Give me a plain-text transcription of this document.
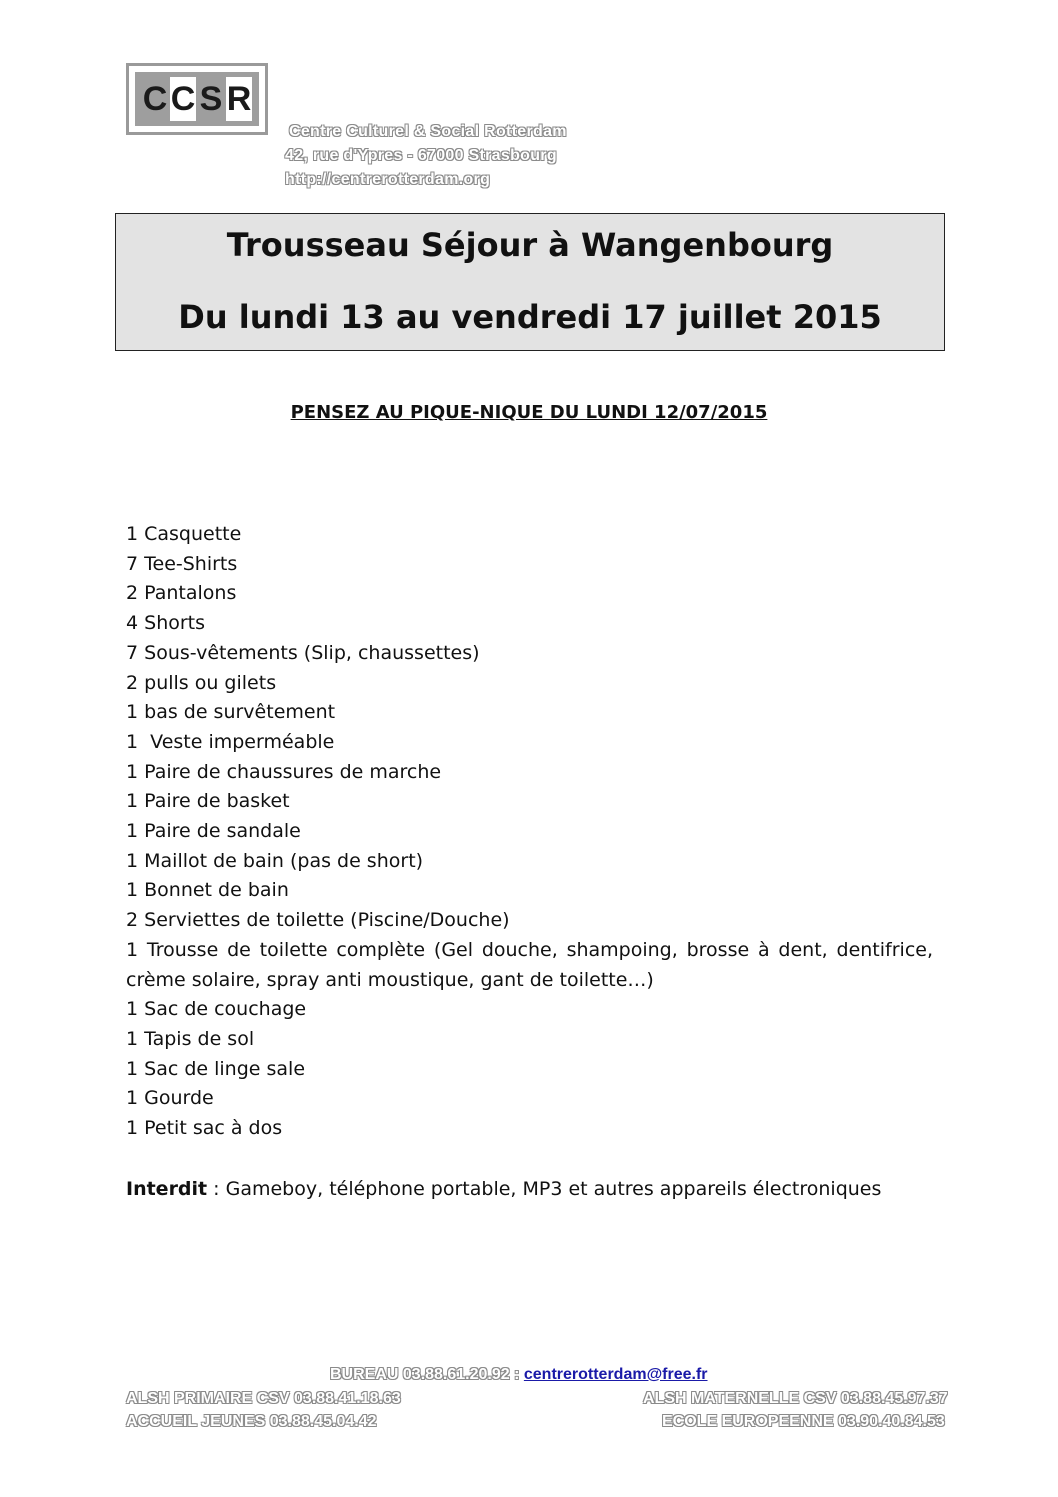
C C S R
Centre Culturel & Social Rotterdam
42, rue d'Ypres - 67000 Strasbourg
http://centrerotterdam.org
Trousseau Séjour à Wangenbourg
Du lundi 13 au vendredi 17 juillet 2015
PENSEZ AU PIQUE-NIQUE DU LUNDI 12/07/2015
1 Casquette
7 Tee-Shirts
2 Pantalons
4 Shorts
7 Sous-vêtements (Slip, chaussettes)
2 pulls ou gilets
1 bas de survêtement
1  Veste imperméable
1 Paire de chaussures de marche
1 Paire de basket
1 Paire de sandale
1 Maillot de bain (pas de short)
1 Bonnet de bain
2 Serviettes de toilette (Piscine/Douche)
1 Trousse de toilette complète (Gel douche, shampoing, brosse à dent, dentifrice, crème solaire, spray anti moustique, gant de toilette…)
1 Sac de couchage
1 Tapis de sol
1 Sac de linge sale
1 Gourde
1 Petit sac à dos
Interdit : Gameboy, téléphone portable, MP3 et autres appareils électroniques
BUREAU 03.88.61.20.92 : centrerotterdam@free.fr
ALSH PRIMAIRE CSV 03.88.41.18.63
ACCUEIL JEUNES 03.88.45.04.42
ALSH MATERNELLE CSV 03.88.45.97.37
ECOLE EUROPEENNE 03.90.40.84.53
